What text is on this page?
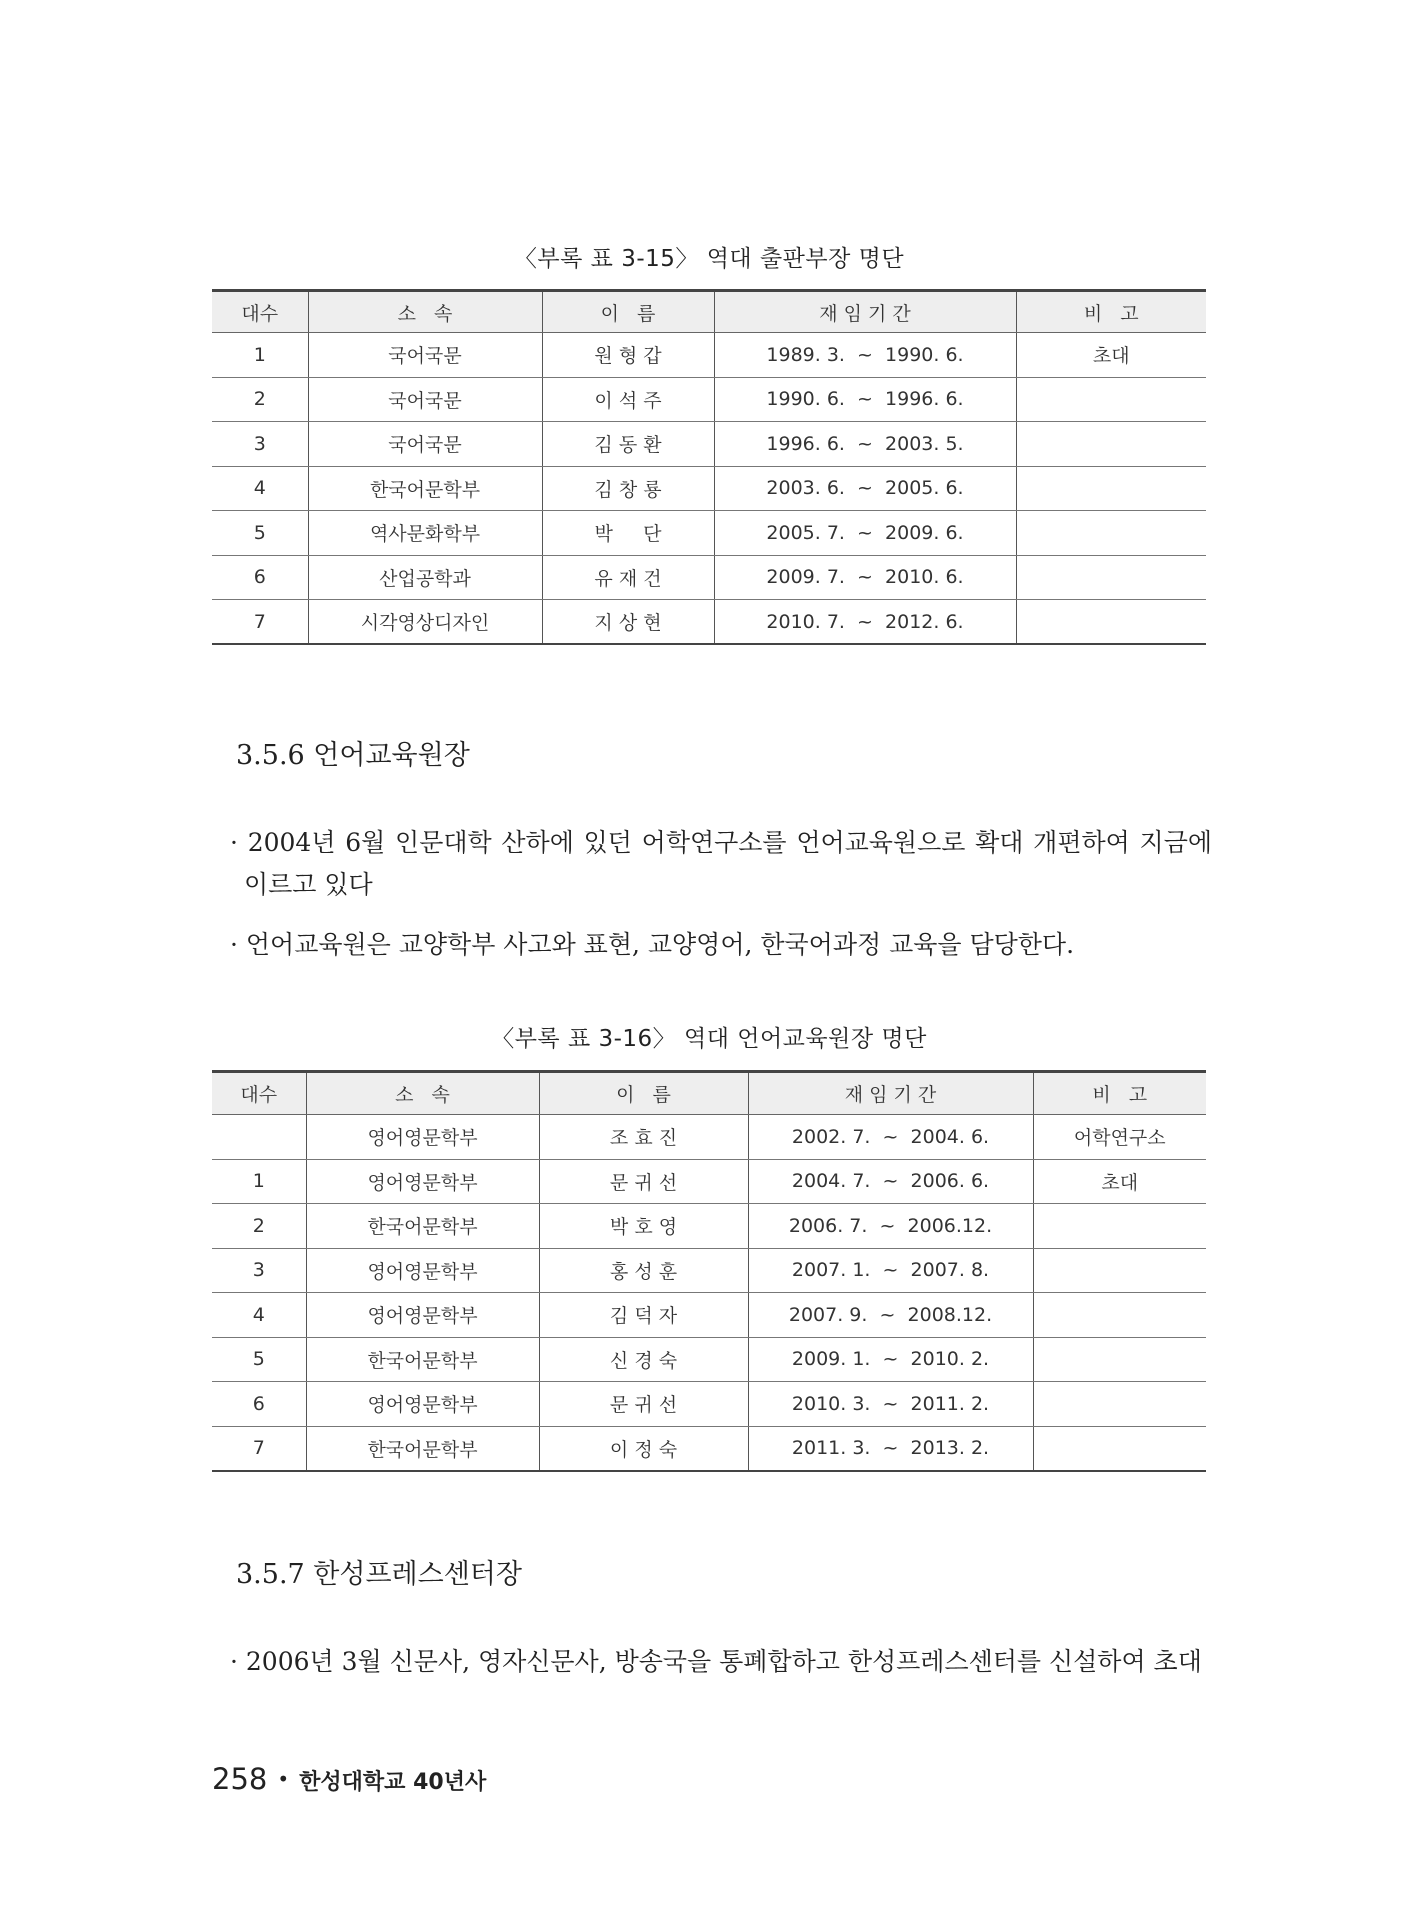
〈부록 표 3-15〉 역대 출판부장 명단
대수	소   속	이   름	재 임 기 간	비   고
1	국어국문	원 형 갑	1989. 3.  ~  1990. 6.	초대
2	국어국문	이 석 주	1990. 6.  ~  1996. 6.	
3	국어국문	김 동 환	1996. 6.  ~  2003. 5.	
4	한국어문학부	김 창 룡	2003. 6.  ~  2005. 6.	
5	역사문화학부	박     단	2005. 7.  ~  2009. 6.	
6	산업공학과	유 재 건	2009. 7.  ~  2010. 6.	
7	시각영상디자인	지 상 현	2010. 7.  ~  2012. 6.	
3.5.6 언어교육원장
· 2004년 6월 인문대학 산하에 있던 어학연구소를 언어교육원으로 확대 개편하여 지금에 이르고 있다
· 언어교육원은 교양학부 사고와 표현, 교양영어, 한국어과정 교육을 담당한다.
〈부록 표 3-16〉 역대 언어교육원장 명단
대수	소   속	이   름	재 임 기 간	비   고
	영어영문학부	조 효 진	2002. 7.  ~  2004. 6.	어학연구소
1	영어영문학부	문 귀 선	2004. 7.  ~  2006. 6.	초대
2	한국어문학부	박 호 영	2006. 7.  ~  2006.12.	
3	영어영문학부	홍 성 훈	2007. 1.  ~  2007. 8.	
4	영어영문학부	김 덕 자	2007. 9.  ~  2008.12.	
5	한국어문학부	신 경 숙	2009. 1.  ~  2010. 2.	
6	영어영문학부	문 귀 선	2010. 3.  ~  2011. 2.	
7	한국어문학부	이 정 숙	2011. 3.  ~  2013. 2.	
3.5.7 한성프레스센터장
· 2006년 3월 신문사, 영자신문사, 방송국을 통폐합하고 한성프레스센터를 신설하여 초대
258 • 한성대학교 40년사
